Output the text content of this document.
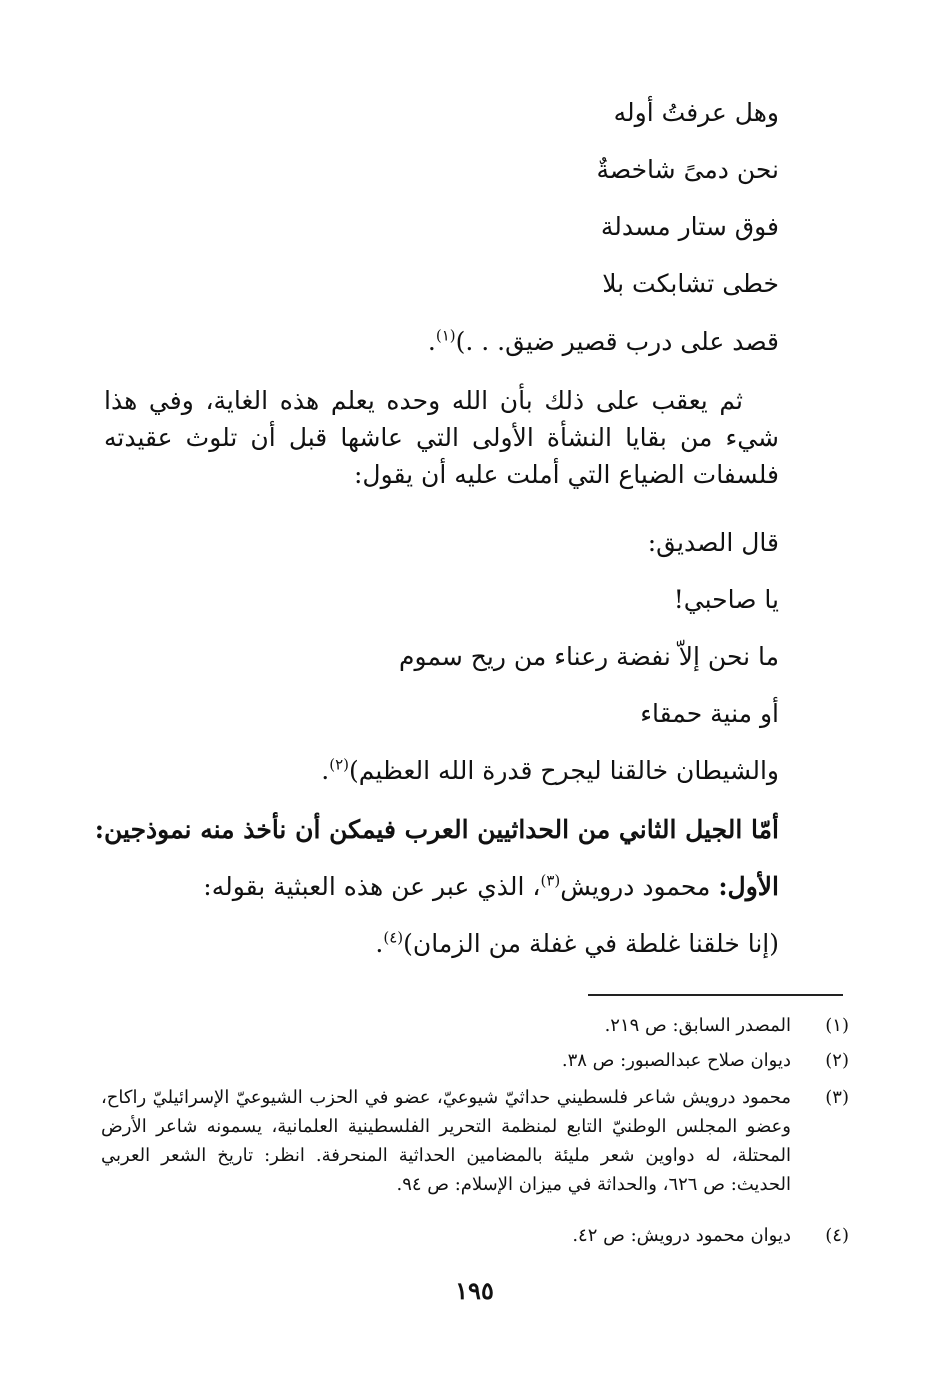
وهل عرفتُ أوله
نحن دمىً شاخصةٌ
فوق ستار مسدلة
خطى تشابكت بلا
قصد على درب قصير ضيق. . .)$^{(١)}$.
ثم يعقب على ذلك بأن الله وحده يعلم هذه الغاية، وفي هذا شيء من بقايا النشأة الأولى التي عاشها قبل أن تلوث عقيدته فلسفات الضياع التي أملت عليه أن يقول:
قال الصديق:
يا صاحبي!
ما نحن إلاّ نفضة رعناء من ريح سموم
أو منية حمقاء
والشيطان خالقنا ليجرح قدرة الله العظيم)$^{(٢)}$.
أمّا الجيل الثاني من الحداثيين العرب فيمكن أن نأخذ منه نموذجين:
الأول: محمود درويش$^{(٣)}$، الذي عبر عن هذه العبثية بقوله:
(إنا خلقنا غلطة في غفلة من الزمان)$^{(٤)}$.
(١)
المصدر السابق: ص ٢١٩.
(٢)
ديوان صلاح عبدالصبور: ص ٣٨.
(٣)
محمود درويش شاعر فلسطيني حداثيّ شيوعيّ، عضو في الحزب الشيوعيّ الإسرائيليّ راكاح، وعضو المجلس الوطنيّ التابع لمنظمة التحرير الفلسطينية العلمانية، يسمونه شاعر الأرض المحتلة، له دواوين شعر مليئة بالمضامين الحداثية المنحرفة. انظر: تاريخ الشعر العربي الحديث: ص ٦٢٦، والحداثة في ميزان الإسلام: ص ٩٤.
(٤)
ديوان محمود درويش: ص ٤٢.
١٩٥
